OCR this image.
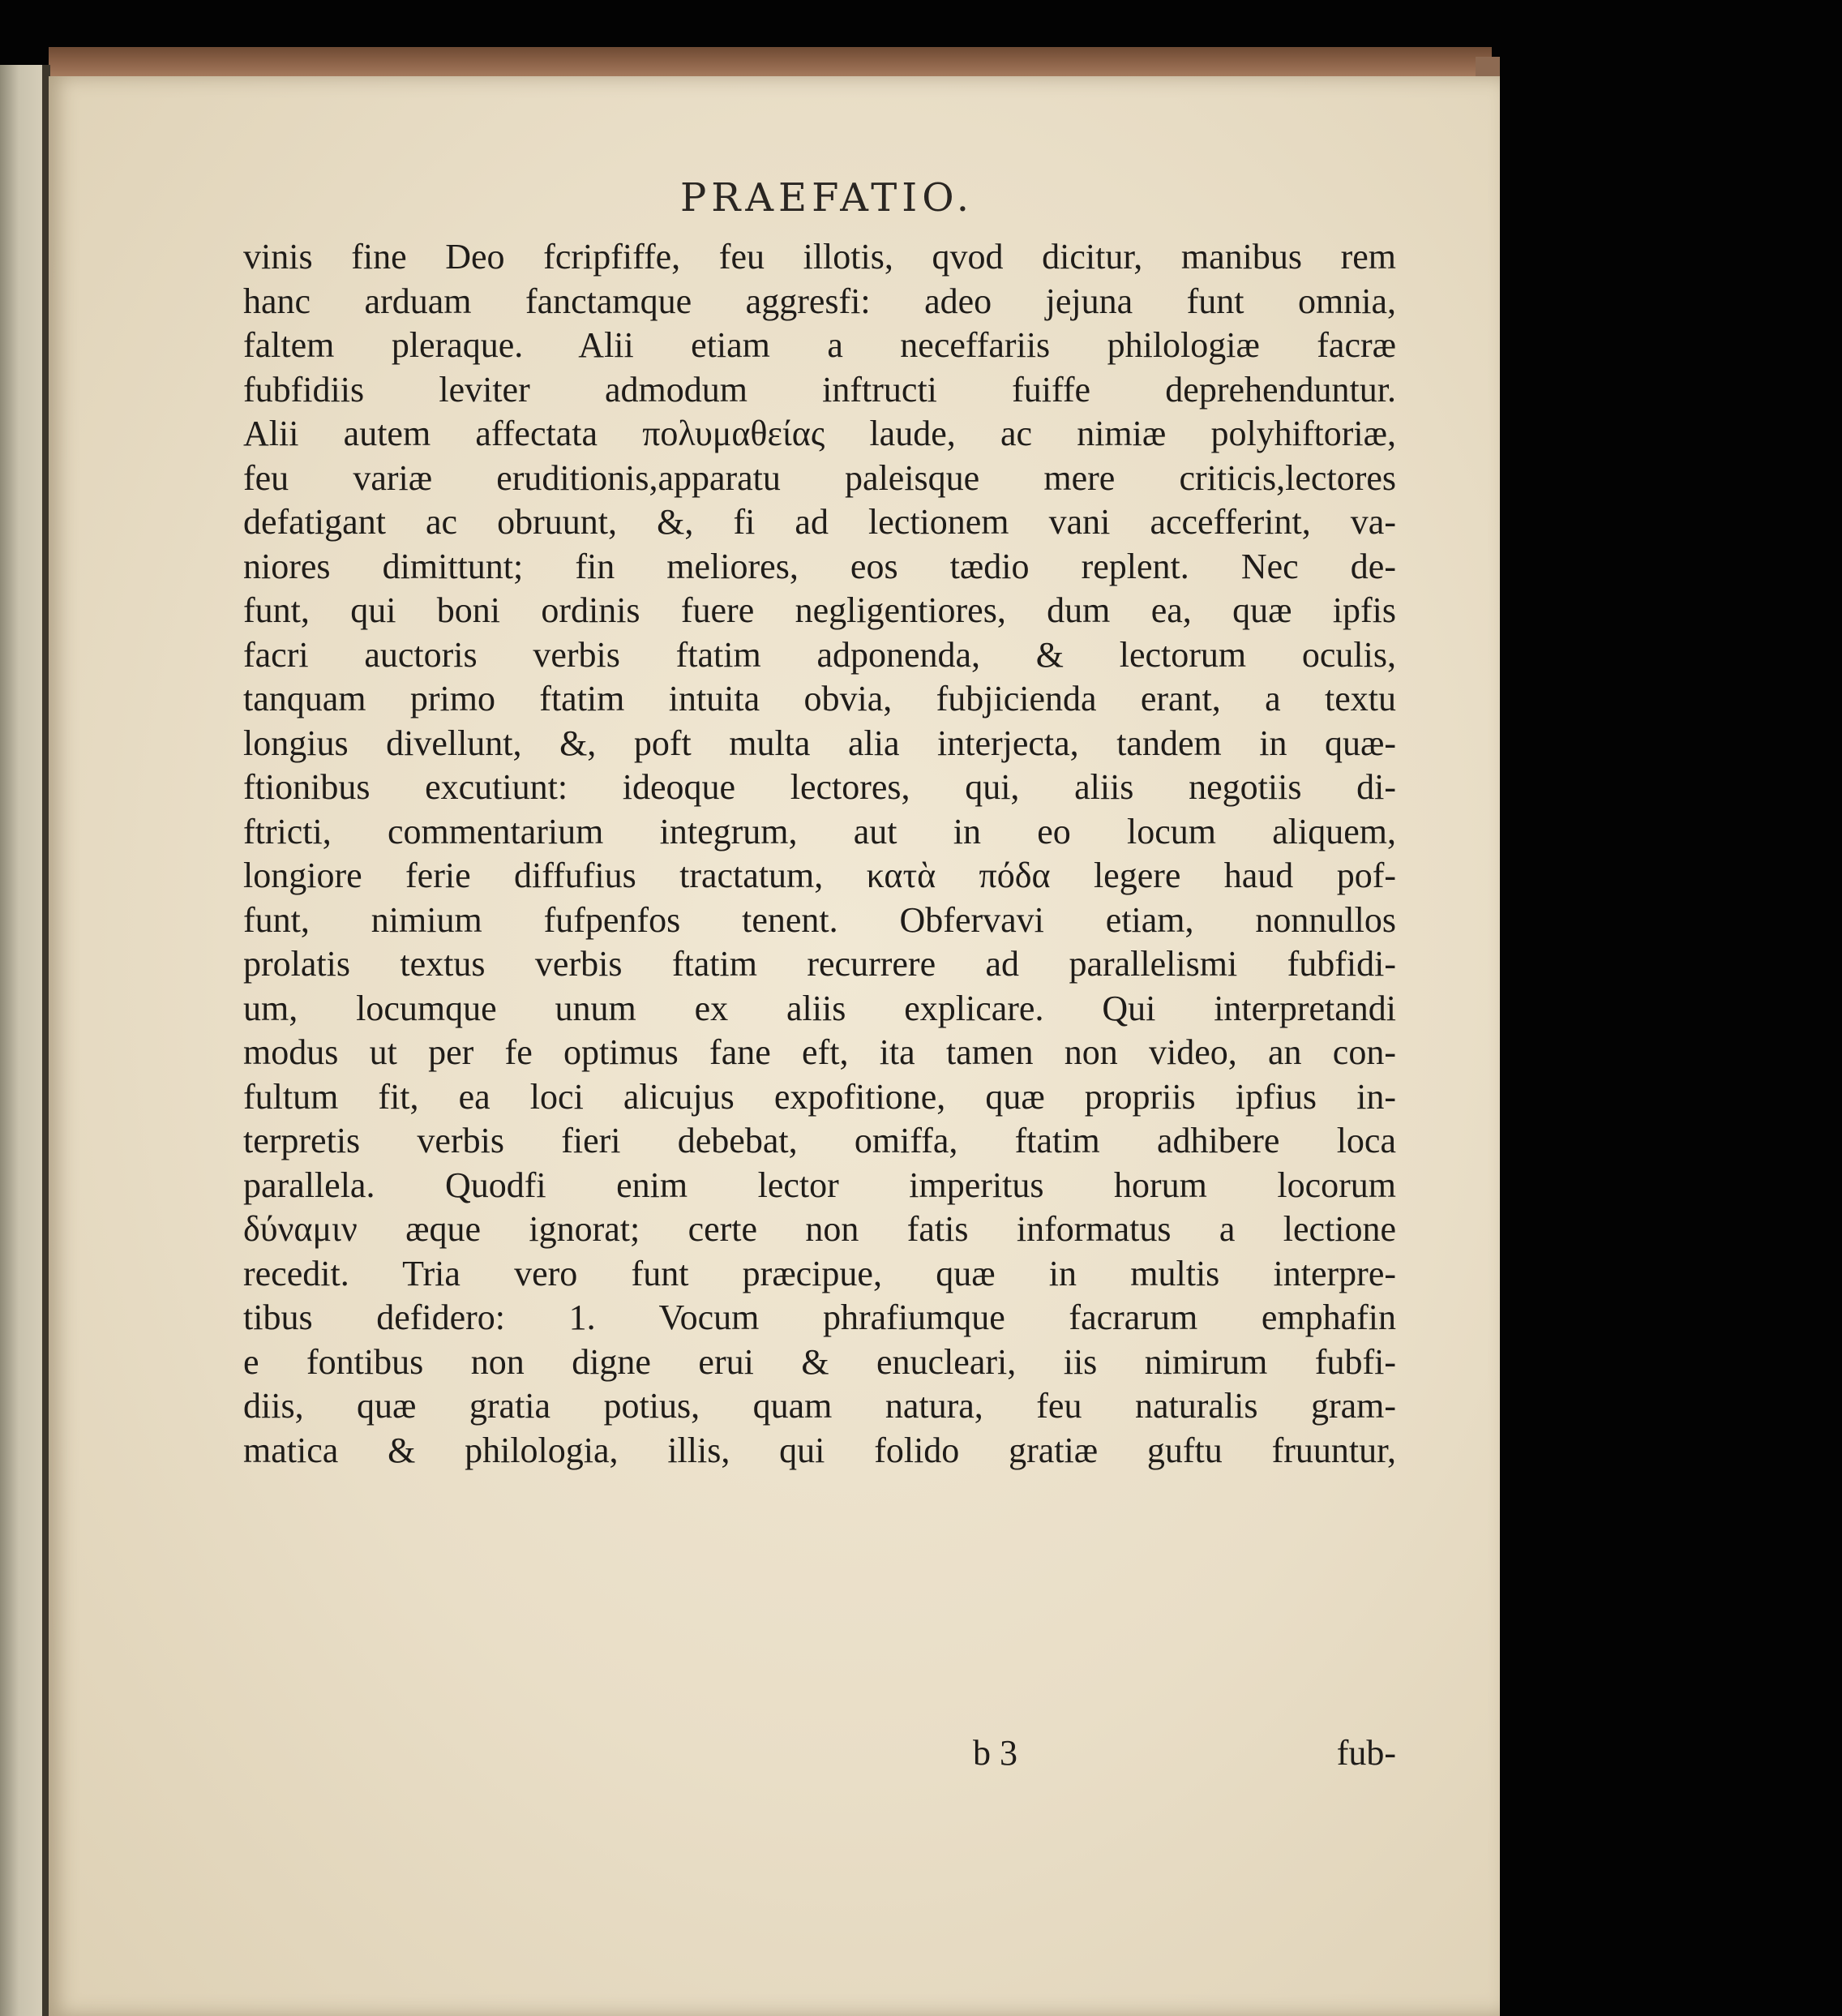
PRAEFATIO.
vinis fine Deo fcripfiffe, feu illotis, qvod dicitur, manibus rem
hanc arduam fanctamque aggresfi: adeo jejuna funt omnia,
faltem pleraque. Alii etiam a neceffariis philologiæ facræ
fubfidiis leviter admodum inftructi fuiffe deprehenduntur.
Alii autem affectata πολυμαθείας laude, ac nimiæ polyhiftoriæ,
feu variæ eruditionis,apparatu paleisque mere criticis,lectores
defatigant ac obruunt, &, fi ad lectionem vani accefferint, va-
niores dimittunt; fin meliores, eos tædio replent. Nec de-
funt, qui boni ordinis fuere negligentiores, dum ea, quæ ipfis
facri auctoris verbis ftatim adponenda, & lectorum oculis,
tanquam primo ftatim intuita obvia, fubjicienda erant, a textu
longius divellunt, &, poft multa alia interjecta, tandem in quæ-
ftionibus excutiunt: ideoque lectores, qui, aliis negotiis di-
ftricti, commentarium integrum, aut in eo locum aliquem,
longiore ferie diffufius tractatum, κατὰ πόδα legere haud pof-
funt, nimium fufpenfos tenent. Obfervavi etiam, nonnullos
prolatis textus verbis ftatim recurrere ad parallelismi fubfidi-
um, locumque unum ex aliis explicare. Qui interpretandi
modus ut per fe optimus fane eft, ita tamen non video, an con-
fultum fit, ea loci alicujus expofitione, quæ propriis ipfius in-
terpretis verbis fieri debebat, omiffa, ftatim adhibere loca
parallela. Quodfi enim lector imperitus horum locorum
δύναμιν æque ignorat; certe non fatis informatus a lectione
recedit. Tria vero funt præcipue, quæ in multis interpre-
tibus defidero: 1. Vocum phrafiumque facrarum emphafin
e fontibus non digne erui & enucleari, iis nimirum fubfi-
diis, quæ gratia potius, quam natura, feu naturalis gram-
matica & philologia, illis, qui folido gratiæ guftu fruuntur,
b 3	fub-
